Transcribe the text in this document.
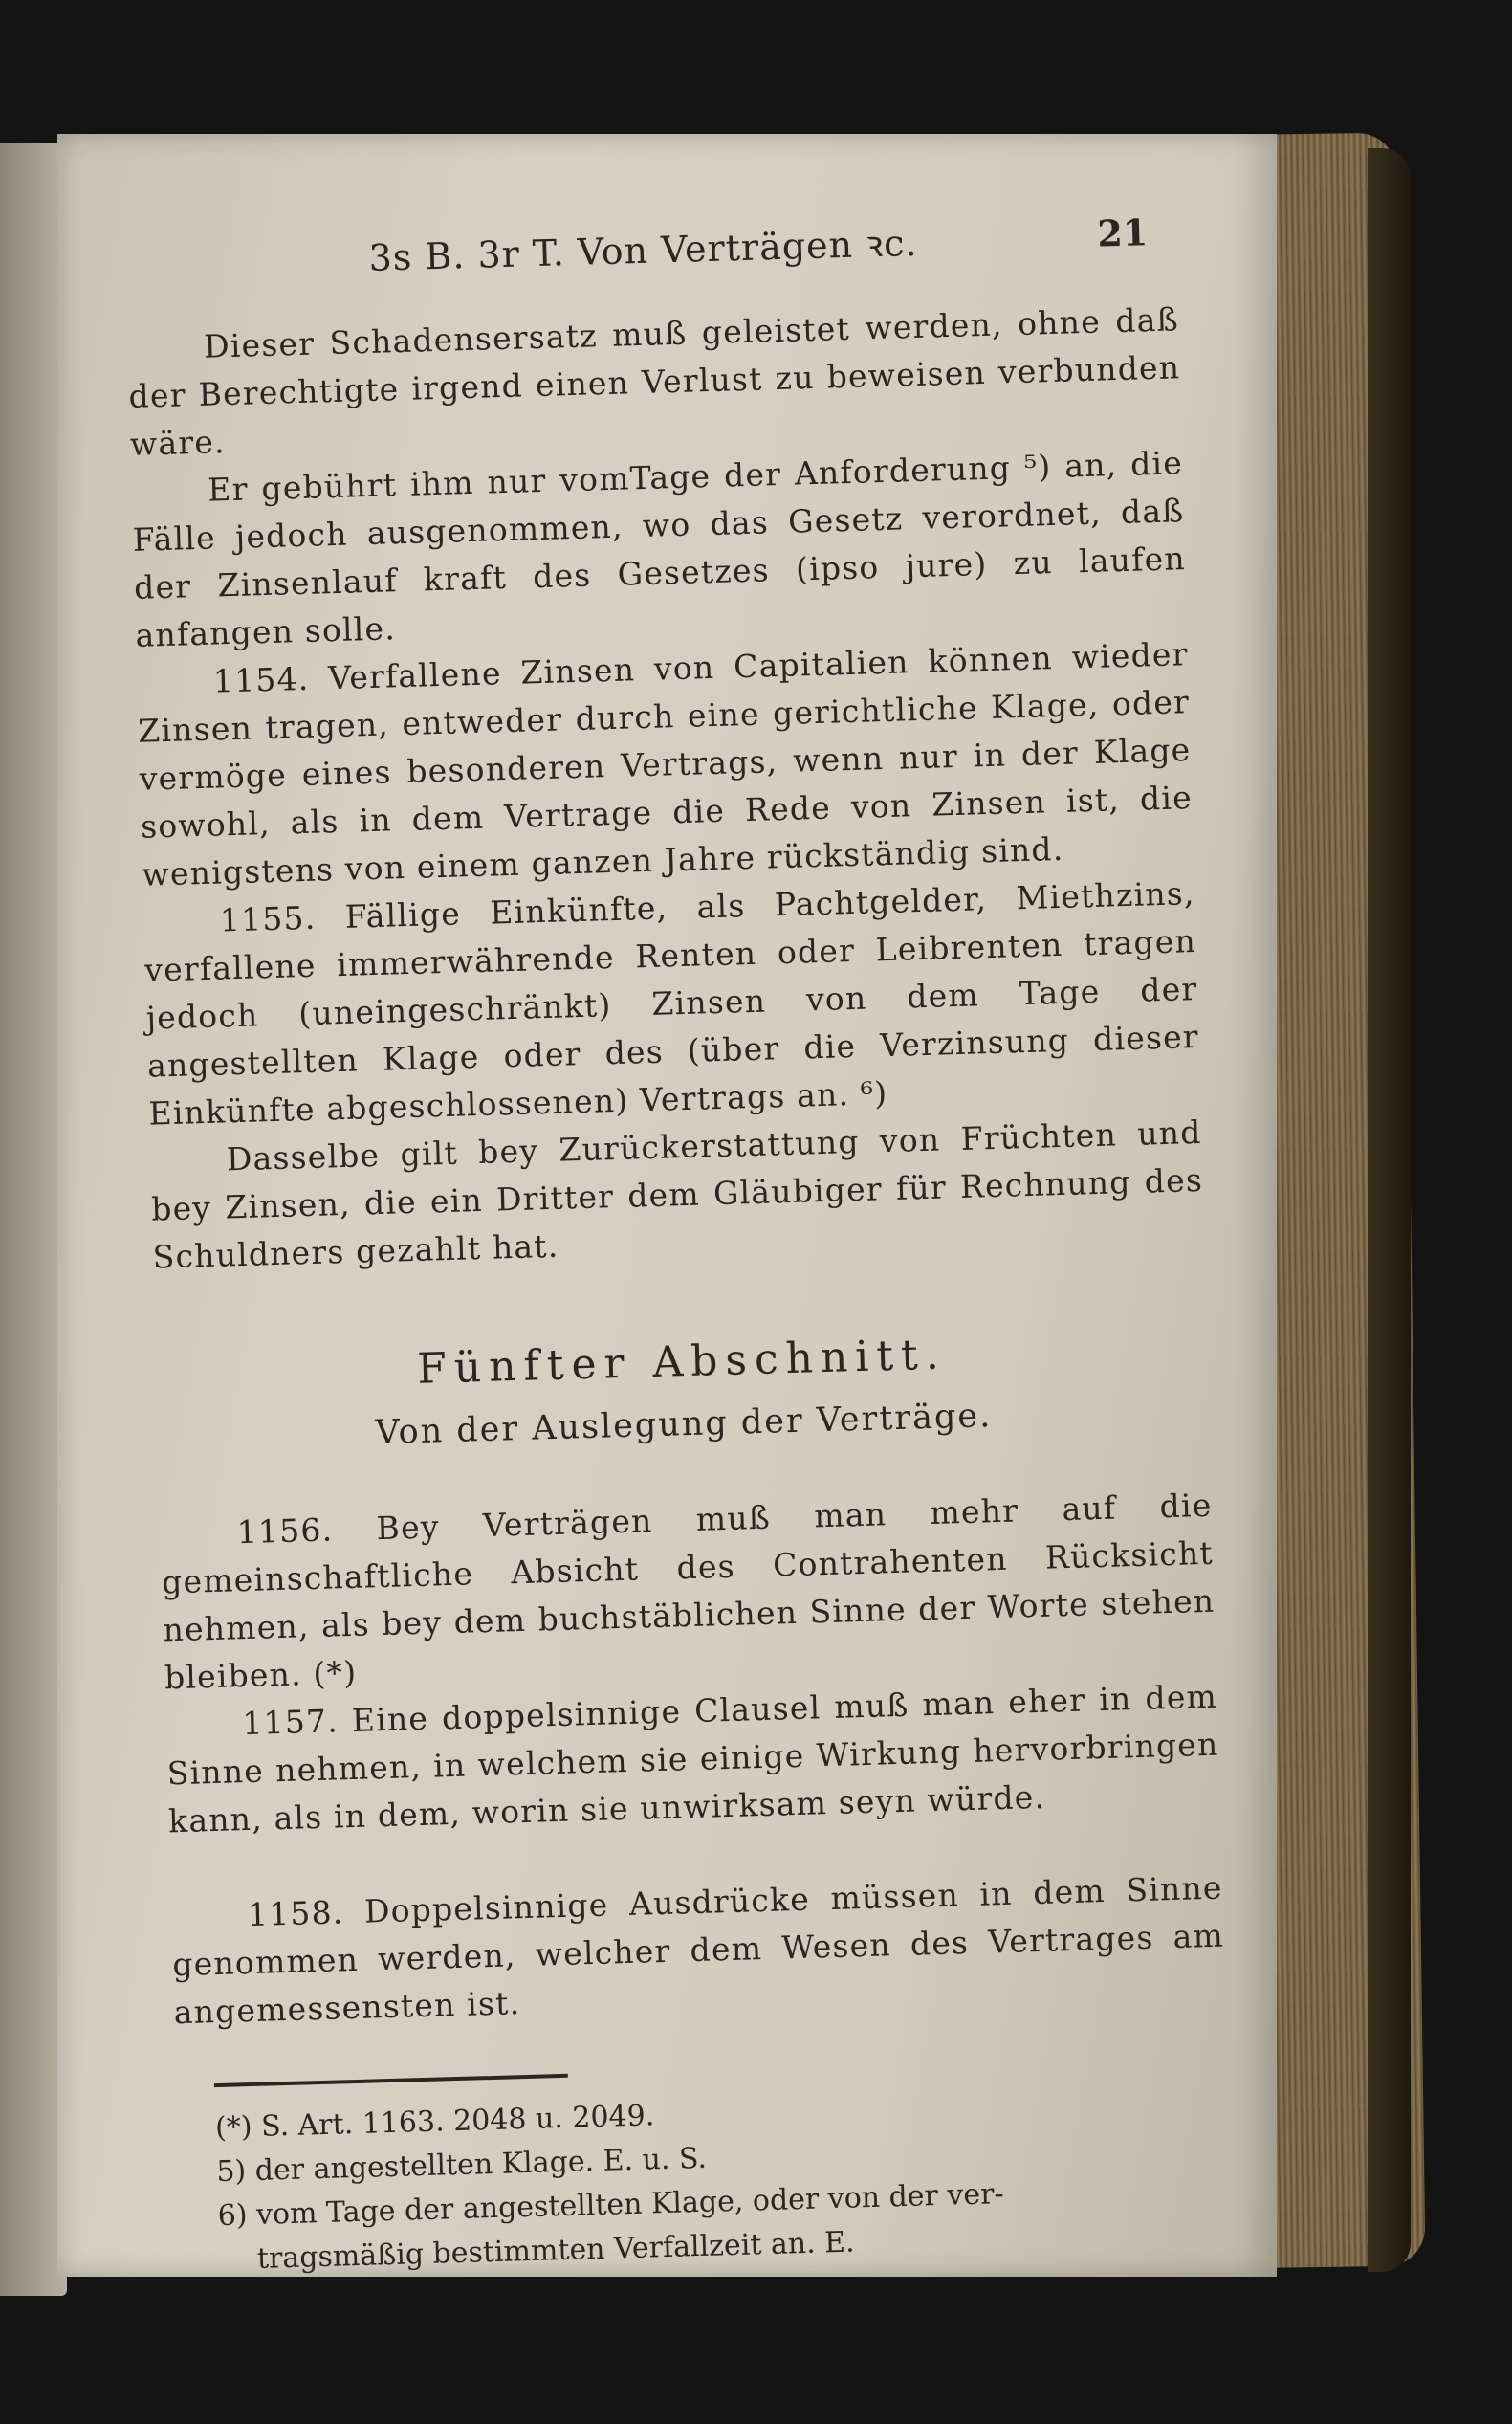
3s B. 3r T. Von Verträgen ꝛc.	21

Dieser Schadensersatz muß geleistet werden, ohne daß der Berechtigte irgend einen Verlust zu beweisen verbunden wäre.

Er gebührt ihm nur vomTage der Anforderung ⁵) an, die Fälle jedoch ausgenommen, wo das Gesetz verordnet, daß der Zinsenlauf kraft des Gesetzes (ipso jure) zu laufen anfangen solle.

1154. Verfallene Zinsen von Capitalien können wieder Zinsen tragen, entweder durch eine gerichtliche Klage, oder vermöge eines besonderen Vertrags, wenn nur in der Klage sowohl, als in dem Vertrage die Rede von Zinsen ist, die wenigstens von einem ganzen Jahre rückständig sind.

1155. Fällige Einkünfte, als Pachtgelder, Miethzins, verfallene immerwährende Renten oder Leibrenten tragen jedoch (uneingeschränkt) Zinsen von dem Tage der angestellten Klage oder des (über die Verzinsung dieser Einkünfte abgeschlossenen) Vertrags an. ⁶)

Dasselbe gilt bey Zurückerstattung von Früchten und bey Zinsen, die ein Dritter dem Gläubiger für Rechnung des Schuldners gezahlt hat.

Fünfter Abschnitt.
Von der Auslegung der Verträge.

1156. Bey Verträgen muß man mehr auf die gemeinschaftliche Absicht des Contrahenten Rücksicht nehmen, als bey dem buchstäblichen Sinne der Worte stehen bleiben. (*)

1157. Eine doppelsinnige Clausel muß man eher in dem Sinne nehmen, in welchem sie einige Wirkung hervorbringen kann, als in dem, worin sie unwirksam seyn würde.

1158. Doppelsinnige Ausdrücke müssen in dem Sinne genommen werden, welcher dem Wesen des Vertrages am angemessensten ist.

(*) S. Art. 1163. 2048 u. 2049.
5) der angestellten Klage. E. u. S.
6) vom Tage der angestellten Klage, oder von der ver-
tragsmäßig bestimmten Verfallzeit an. E.
